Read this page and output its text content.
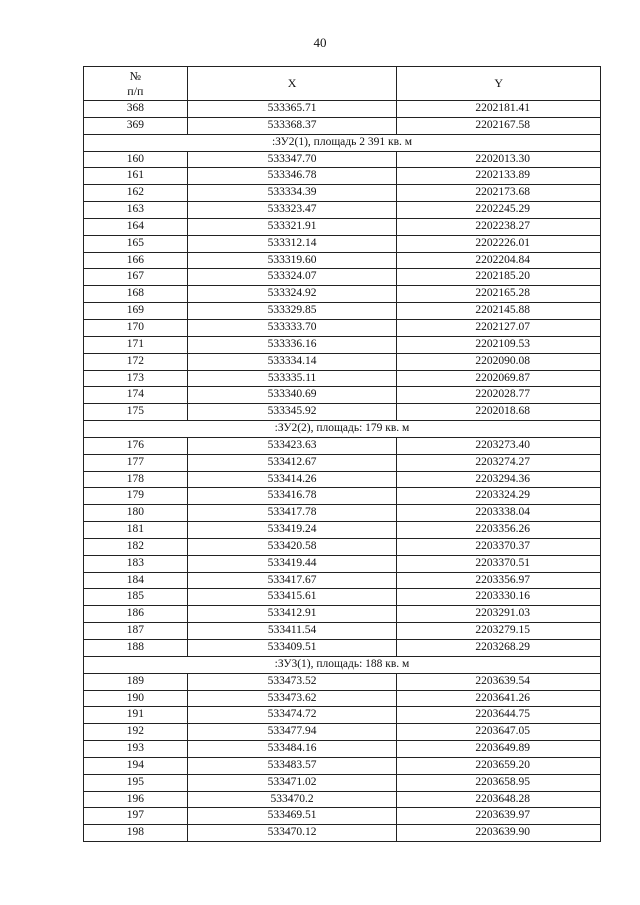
40
№
п/п	X	Y
368	533365.71	2202181.41
369	533368.37	2202167.58
:ЗУ2(1), площадь 2 391 кв. м		
160	533347.70	2202013.30
161	533346.78	2202133.89
162	533334.39	2202173.68
163	533323.47	2202245.29
164	533321.91	2202238.27
165	533312.14	2202226.01
166	533319.60	2202204.84
167	533324.07	2202185.20
168	533324.92	2202165.28
169	533329.85	2202145.88
170	533333.70	2202127.07
171	533336.16	2202109.53
172	533334.14	2202090.08
173	533335.11	2202069.87
174	533340.69	2202028.77
175	533345.92	2202018.68
:ЗУ2(2), площадь: 179 кв. м		
176	533423.63	2203273.40
177	533412.67	2203274.27
178	533414.26	2203294.36
179	533416.78	2203324.29
180	533417.78	2203338.04
181	533419.24	2203356.26
182	533420.58	2203370.37
183	533419.44	2203370.51
184	533417.67	2203356.97
185	533415.61	2203330.16
186	533412.91	2203291.03
187	533411.54	2203279.15
188	533409.51	2203268.29
:ЗУ3(1), площадь: 188 кв. м		
189	533473.52	2203639.54
190	533473.62	2203641.26
191	533474.72	2203644.75
192	533477.94	2203647.05
193	533484.16	2203649.89
194	533483.57	2203659.20
195	533471.02	2203658.95
196	533470.2	2203648.28
197	533469.51	2203639.97
198	533470.12	2203639.90
